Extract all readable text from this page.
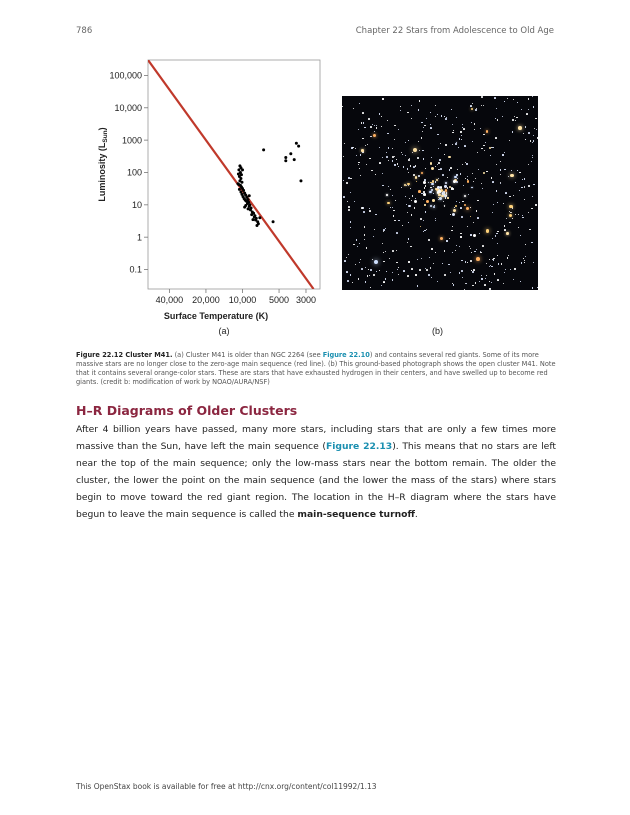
786	Chapter 22 Stars from Adolescence to Old Age
100,000
10,000
1000
100
10
1
0.1
40,000 20,000 10,000 5000 3000
Surface Temperature (K)
Luminosity $(L_{Sun})$
(a)	(b)
Figure 22.12 Cluster M41. (a) Cluster M41 is older than NGC 2264 (see Figure 22.10) and contains several red giants. Some of its more massive stars are no longer close to the zero-age main sequence (red line). (b) This ground-based photograph shows the open cluster M41. Note that it contains several orange-color stars. These are stars that have exhausted hydrogen in their centers, and have swelled up to become red giants. (credit b: modification of work by NOAO/AURA/NSF)
H–R Diagrams of Older Clusters

After 4 billion years have passed, many more stars, including stars that are only a few times more massive than the Sun, have left the main sequence (Figure 22.13). This means that no stars are left near the top of the main sequence; only the low-mass stars near the bottom remain. The older the cluster, the lower the point on the main sequence (and the lower the mass of the stars) where stars begin to move toward the red giant region. The location in the H–R diagram where the stars have begun to leave the main sequence is called the main-sequence turnoff.

This OpenStax book is available for free at http://cnx.org/content/col11992/1.13
